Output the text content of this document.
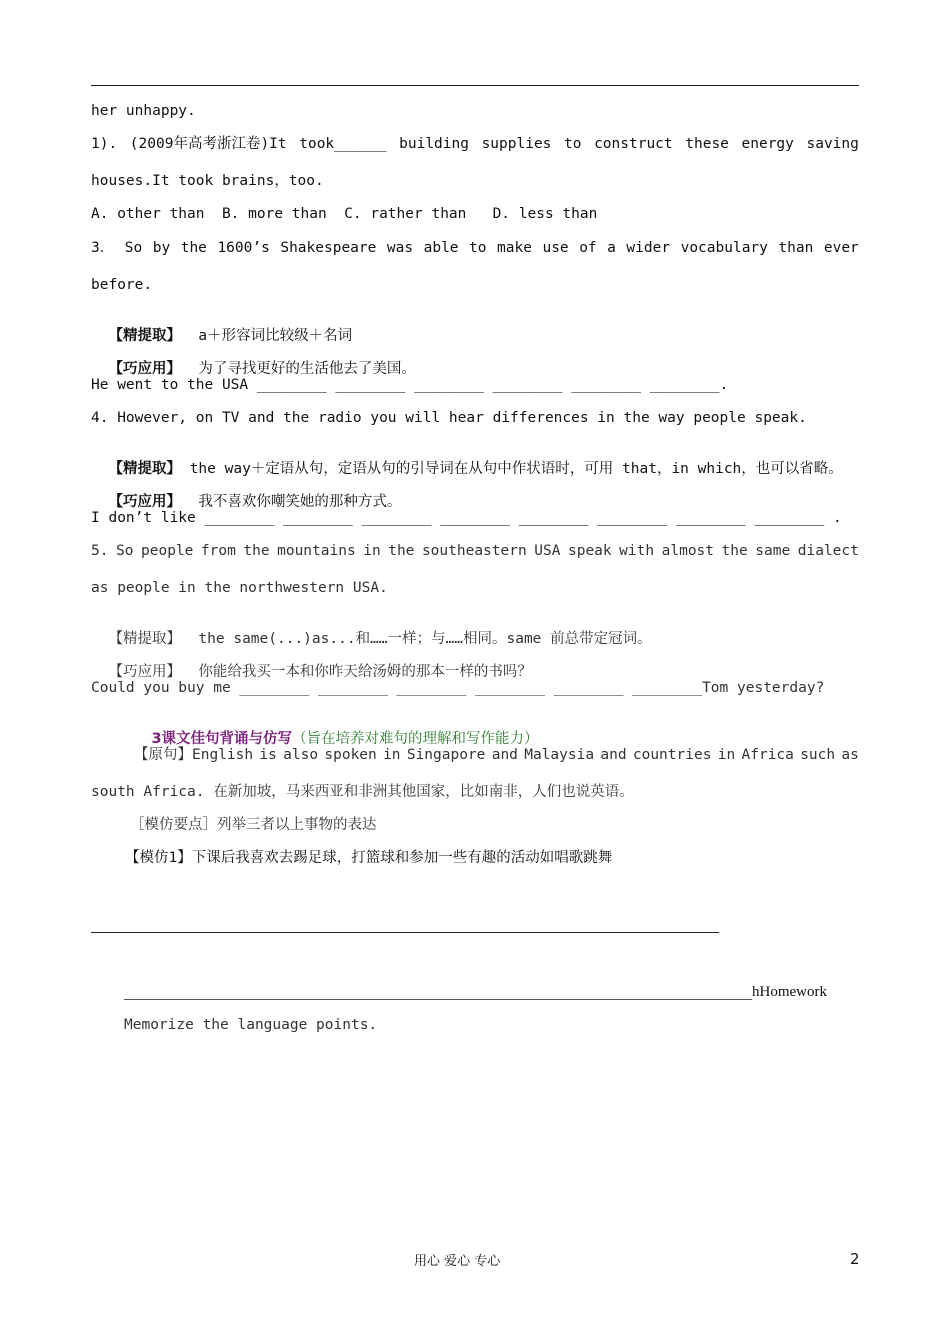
her unhappy.
1). (2009年高考浙江卷)It took______ building supplies to construct these energy saving
houses.It took brains，too.
A. other than  B. more than  C. rather than   D. less than
3． So by the 1600’s Shakespeare was able to make use of a wider vocabulary than ever
before.

【精提取】  a＋形容词比较级＋名词

【巧应用】  为了寻找更好的生活他去了美国。

He went to the USA ________ ________ ________ ________ ________ ________.
4. However, on TV and the radio you will hear differences in the way people speak.

【精提取】 the way＋定语从句，定语从句的引导词在从句中作状语时，可用 that，in which，也可以省略。

【巧应用】  我不喜欢你嘲笑她的那种方式。

I don’t like ________ ________ ________ ________ ________ ________ ________ ________ .
5. So people from the mountains in the southeastern USA speak with almost the same dialect
as people in the northwestern USA.

【精提取】  the same(...)as...和……一样；与……相同。same 前总带定冠词。

【巧应用】  你能给我买一本和你昨天给汤姆的那本一样的书吗？

Could you buy me ________ ________ ________ ________ ________ ________Tom yesterday?

3课文佳句背诵与仿写（旨在培养对难句的理解和写作能力）

【原句】English is also spoken in Singapore and Malaysia and countries in Africa such as
south Africa. 在新加坡，马来西亚和非洲其他国家，比如南非，人们也说英语。
［模仿要点］列举三者以上事物的表达
【模仿1】下课后我喜欢去踢足球，打篮球和参加一些有趣的活动如唱歌跳舞
hHomework
Memorize the language points.
用心 爱心 专心	2
